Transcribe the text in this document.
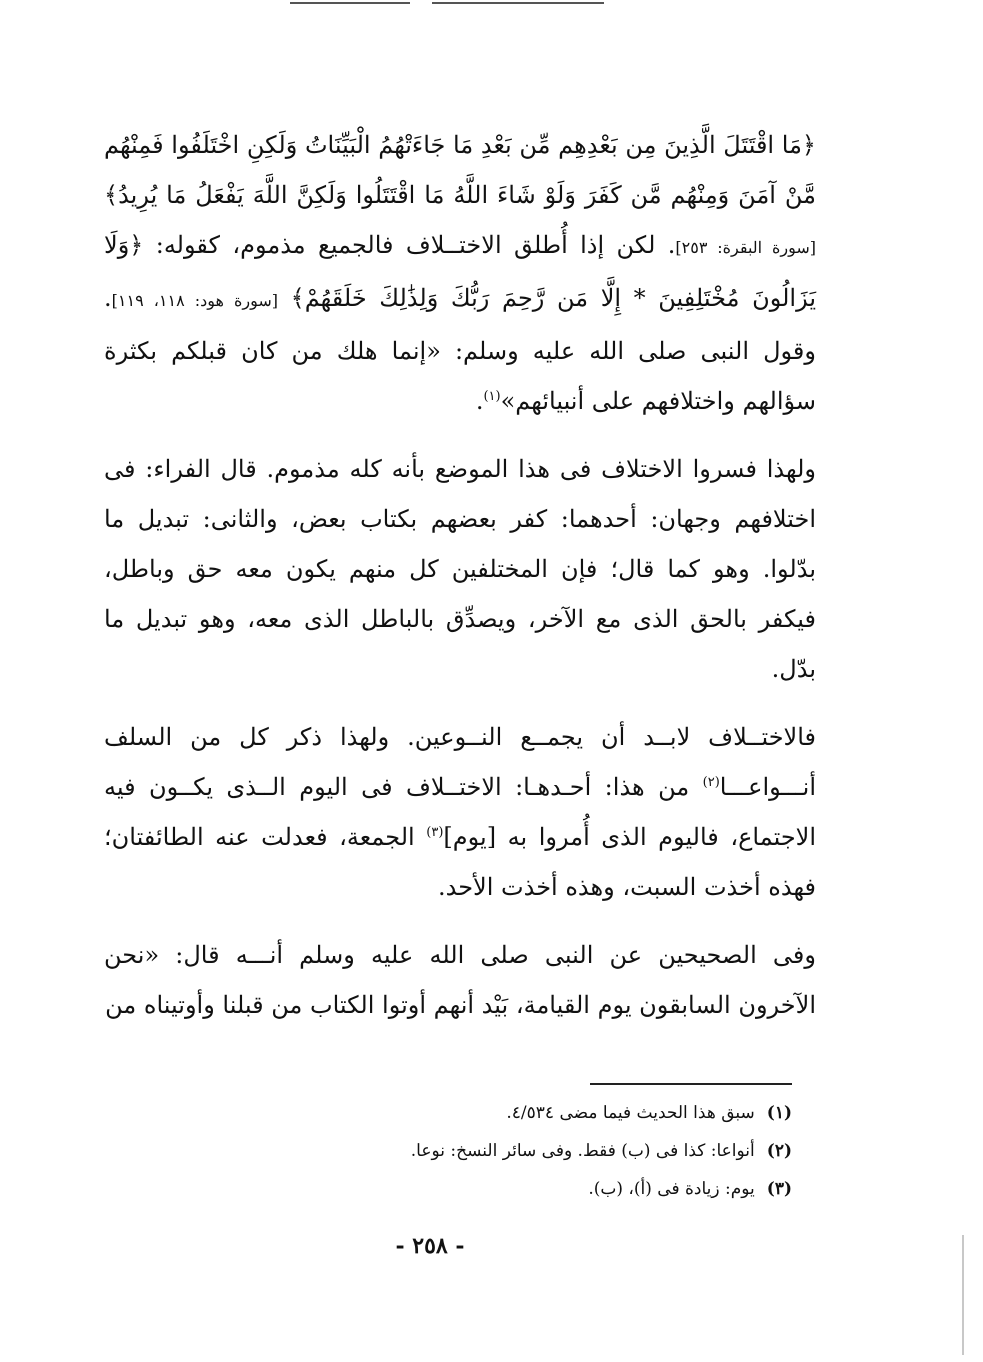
﴿مَا اقْتَتَلَ الَّذِينَ مِن بَعْدِهِم مِّن بَعْدِ مَا جَاءَتْهُمُ الْبَيِّنَاتُ وَلَكِنِ اخْتَلَفُوا فَمِنْهُم مَّنْ آمَنَ وَمِنْهُم مَّن كَفَرَ وَلَوْ شَاءَ اللَّهُ مَا اقْتَتَلُوا وَلَكِنَّ اللَّهَ يَفْعَلُ مَا يُرِيدُ﴾ [سورة البقرة: ٢٥٣]. لكن إذا أُطلق الاختــلاف فالجميع مذموم، كقوله: ﴿وَلَا يَزَالُونَ مُخْتَلِفِينَ * إِلَّا مَن رَّحِمَ رَبُّكَ وَلِذَٰلِكَ خَلَقَهُمْ﴾ [سورة هود: ١١٨، ١١٩]. وقول النبى صلى الله عليه وسلم: «إنما هلك من كان قبلكم بكثرة سؤالهم واختلافهم على أنبيائهم»$^{(١)}$.

ولهذا فسروا الاختلاف فى هذا الموضع بأنه كله مذموم. قال الفراء: فى اختلافهم وجهان: أحدهما: كفر بعضهم بكتاب بعض، والثانى: تبديل ما بدّلوا. وهو كما قال؛ فإن المختلفين كل منهم يكون معه حق وباطل، فيكفر بالحق الذى مع الآخر، ويصدِّق بالباطل الذى معه، وهو تبديل ما بدّل.

فالاختــلاف لابــد أن يجمــع النــوعين. ولهذا ذكر كل من السلف أنـــواعـــا$^{(٢)}$ من هذا: أحـدهـا: الاختــلاف فى اليوم الــذى يكــون فيه الاجتماع، فاليوم الذى أُمروا به [يوم]$^{(٣)}$ الجمعة، فعدلت عنه الطائفتان؛ فهذه أخذت السبت، وهذه أخذت الأحد.

وفى الصحيحين عن النبى صلى الله عليه وسلم أنـــه قال: «نحن الآخرون السابقون يوم القيامة، بَيْد أنهم أوتوا الكتاب من قبلنا وأوتيناه من

(١)سبق هذا الحديث فيما مضى ٤/٥٣٤.

(٢)أنواعا: كذا فى (ب) فقط. وفى سائر النسخ: نوعا.

(٣)يوم: زيادة فى (أ)، (ب).

- ٢٥٨ -
